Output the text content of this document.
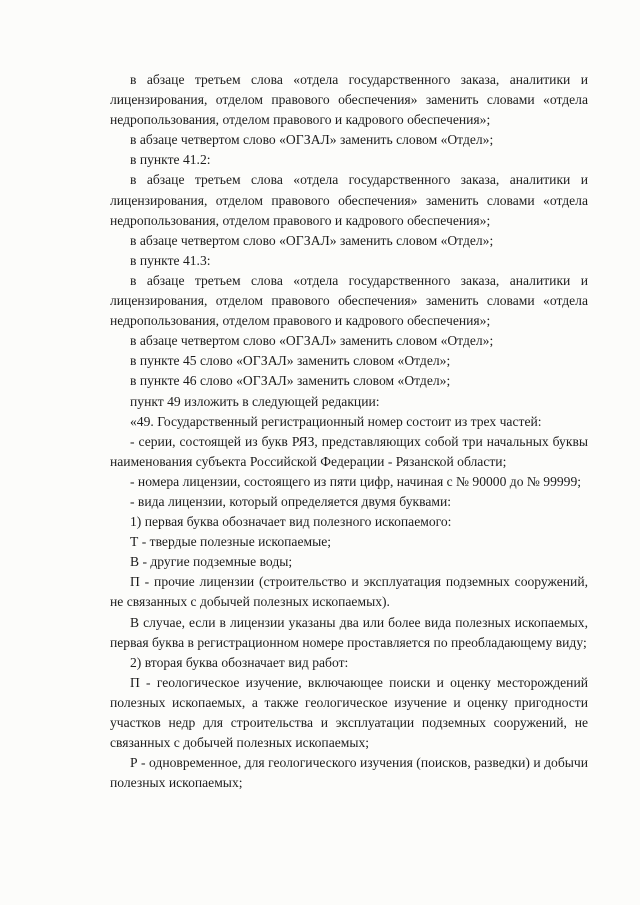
в абзаце третьем слова «отдела государственного заказа, аналитики и лицензирования, отделом правового обеспечения» заменить словами «отдела недропользования, отделом правового и кадрового обеспечения»;

в абзаце четвертом слово «ОГЗАЛ» заменить словом «Отдел»;

в пункте 41.2:

в абзаце третьем слова «отдела государственного заказа, аналитики и лицензирования, отделом правового обеспечения» заменить словами «отдела недропользования, отделом правового и кадрового обеспечения»;

в абзаце четвертом слово «ОГЗАЛ» заменить словом «Отдел»;

в пункте 41.3:

в абзаце третьем слова «отдела государственного заказа, аналитики и лицензирования, отделом правового обеспечения» заменить словами «отдела недропользования, отделом правового и кадрового обеспечения»;

в абзаце четвертом слово «ОГЗАЛ» заменить словом «Отдел»;

в пункте 45 слово «ОГЗАЛ» заменить словом «Отдел»;

в пункте 46 слово «ОГЗАЛ» заменить словом «Отдел»;

пункт 49 изложить в следующей редакции:

«49. Государственный регистрационный номер состоит из трех частей:

- серии, состоящей из букв РЯЗ, представляющих собой три начальных буквы наименования субъекта Российской Федерации - Рязанской области;

- номера лицензии, состоящего из пяти цифр, начиная с № 90000 до № 99999;

- вида лицензии, который определяется двумя буквами:

1) первая буква обозначает вид полезного ископаемого:

Т - твердые полезные ископаемые;

В - другие подземные воды;

П - прочие лицензии (строительство и эксплуатация подземных сооружений, не связанных с добычей полезных ископаемых).

В случае, если в лицензии указаны два или более вида полезных ископаемых, первая буква в регистрационном номере проставляется по преобладающему виду;

2) вторая буква обозначает вид работ:

П - геологическое изучение, включающее поиски и оценку месторождений полезных ископаемых, а также геологическое изучение и оценку пригодности участков недр для строительства и эксплуатации подземных сооружений, не связанных с добычей полезных ископаемых;

Р - одновременное, для геологического изучения (поисков, разведки) и добычи полезных ископаемых;
